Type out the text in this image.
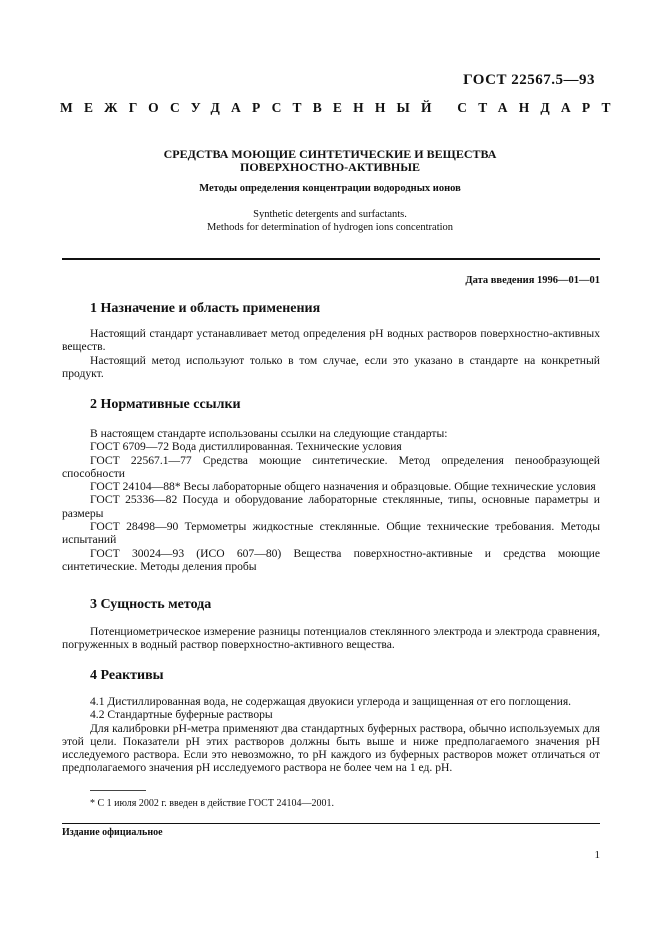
ГОСТ 22567.5—93
МЕЖГОСУДАРСТВЕННЫЙ СТАНДАРТ
СРЕДСТВА МОЮЩИЕ СИНТЕТИЧЕСКИЕ И ВЕЩЕСТВА
ПОВЕРХНОСТНО-АКТИВНЫЕ
Методы определения концентрации водородных ионов
Synthetic detergents and surfactants.
Methods for determination of hydrogen ions concentration
Дата введения 1996—01—01
1 Назначение и область применения

Настоящий стандарт устанавливает метод определения pH водных растворов поверхностно-активных веществ.

Настоящий метод используют только в том случае, если это указано в стандарте на конкретный продукт.

2 Нормативные ссылки

В настоящем стандарте использованы ссылки на следующие стандарты:

ГОСТ 6709—72 Вода дистиллированная. Технические условия

ГОСТ 22567.1—77 Средства моющие синтетические. Метод определения пенообразующей способности

ГОСТ 24104—88* Весы лабораторные общего назначения и образцовые. Общие технические условия

ГОСТ 25336—82 Посуда и оборудование лабораторные стеклянные, типы, основные параметры и размеры

ГОСТ 28498—90 Термометры жидкостные стеклянные. Общие технические требования. Методы испытаний

ГОСТ 30024—93 (ИСО 607—80) Вещества поверхностно-активные и средства моющие синтетические. Методы деления пробы

3 Сущность метода

Потенциометрическое измерение разницы потенциалов стеклянного электрода и электрода сравнения, погруженных в водный раствор поверхностно-активного вещества.

4 Реактивы

4.1 Дистиллированная вода, не содержащая двуокиси углерода и защищенная от его поглощения.

4.2 Стандартные буферные растворы

Для калибровки pH-метра применяют два стандартных буферных раствора, обычно используемых для этой цели. Показатели pH этих растворов должны быть выше и ниже предполагаемого значения pH исследуемого раствора. Если это невозможно, то pH каждого из буферных растворов может отличаться от предполагаемого значения pH исследуемого раствора не более чем на 1 ед. pH.

* С 1 июля 2002 г. введен в действие ГОСТ 24104—2001.
Издание официальное
1
